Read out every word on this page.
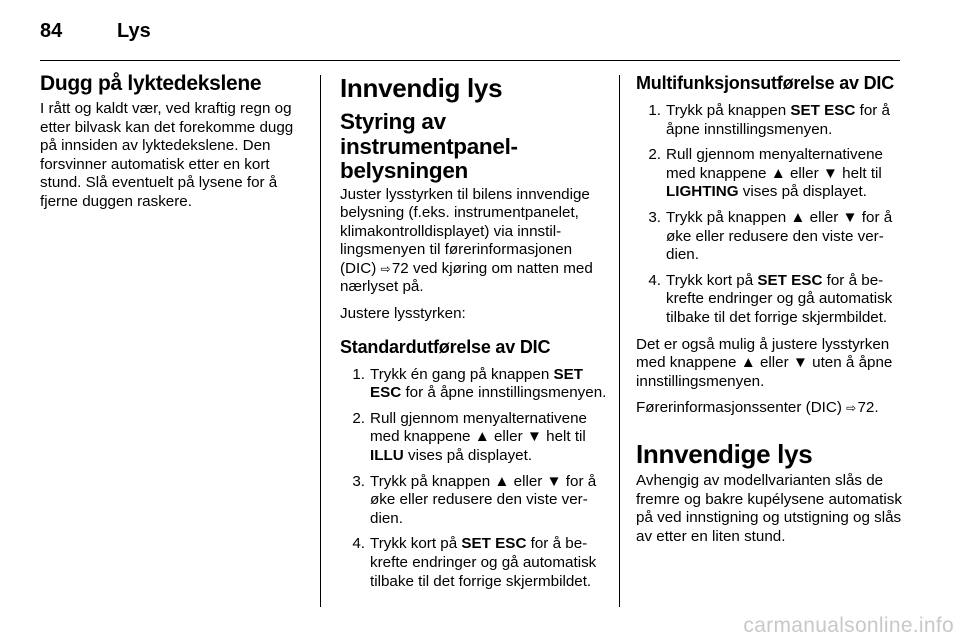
84	Lys
Dugg på lyktedekslene

I rått og kaldt vær, ved kraftig regn og etter bilvask kan det forekomme dugg på innsiden av lyktedekslene. Den forsvinner automatisk etter en kort stund. Slå eventuelt på lysene for å fjerne duggen raskere.

Innvendig lys
Styring av instrumentpanelbelysningen

Juster lysstyrken til bilens innvendige belysning (f.eks. instrumentpanelet, klimakontrolldisplayet) via innstillingsmenyen til førerinformasjonen (DIC) ⇨ 72 ved kjøring om natten med nærlyset på.

Justere lysstyrken:

Standardutførelse av DIC
1. Trykk én gang på knappen SET ESC for å åpne innstillingsmenyen.
2. Rull gjennom menyalternativene med knappene ▲ eller ▼ helt til ILLU vises på displayet.
3. Trykk på knappen ▲ eller ▼ for å øke eller redusere den viste verdien.
4. Trykk kort på SET ESC for å bekrefte endringer og gå automatisk tilbake til det forrige skjermbildet.
Multifunksjonsutførelse av DIC
1. Trykk på knappen SET ESC for å åpne innstillingsmenyen.
2. Rull gjennom menyalternativene med knappene ▲ eller ▼ helt til LIGHTING vises på displayet.
3. Trykk på knappen ▲ eller ▼ for å øke eller redusere den viste verdien.
4. Trykk kort på SET ESC for å bekrefte endringer og gå automatisk tilbake til det forrige skjermbildet.

Det er også mulig å justere lysstyrken med knappene ▲ eller ▼ uten å åpne innstillingsmenyen.

Førerinformasjonssenter (DIC) ⇨ 72.

Innvendige lys

Avhengig av modellvarianten slås de fremre og bakre kupélysene automatisk på ved innstigning og utstigning og slås av etter en liten stund.

carmanualsonline.info
